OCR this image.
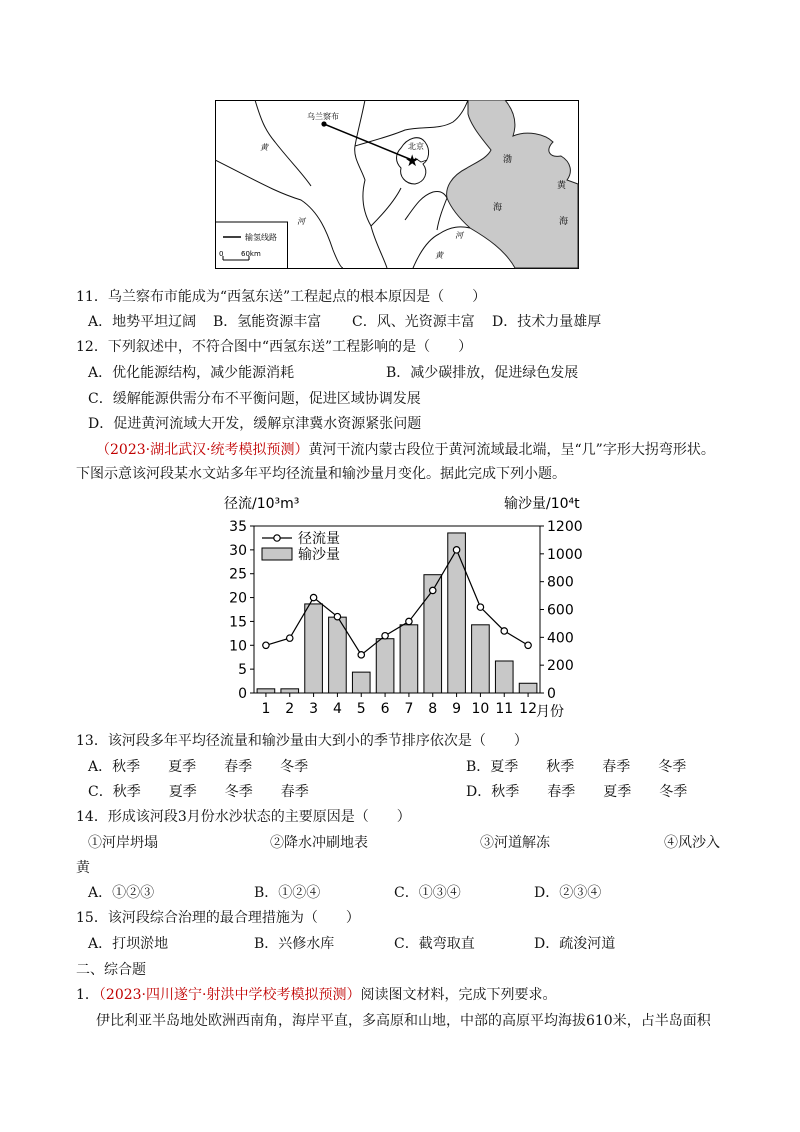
★
乌兰察布
北京
黄
河
河
黄
渤
海
黄
海
输氢线路
0	60km
11．乌兰察布市能成为“西氢东送”工程起点的根本原因是（　　）
A．地势平坦辽阔 B．氢能资源丰富 C．风、光资源丰富 D．技术力量雄厚
12．下列叙述中，不符合图中“西氢东送”工程影响的是（　　）
A．优化能源结构，减少能源消耗	B．减少碳排放，促进绿色发展
C．缓解能源供需分布不平衡问题，促进区域协调发展
D．促进黄河流域大开发，缓解京津冀水资源紧张问题
（2023·湖北武汉·统考模拟预测）黄河干流内蒙古段位于黄河流域最北端，呈“几”字形大拐弯形状。
下图示意该河段某水文站多年平均径流量和输沙量月变化。据此完成下列小题。
径流/10³m³	输沙量/10⁴t
月份
0
5
10
15
20
25
30
35
0
200
400
600
800
1000
1200
1 2 3 4 5 6 7 8 9 10 11 12
径流量
输沙量
13．该河段多年平均径流量和输沙量由大到小的季节排序依次是（　　）
A．秋季　　夏季　　春季　　冬季	B．夏季　　秋季　　春季　　冬季
C．秋季　　夏季　　冬季　　春季	D．秋季　　春季　　夏季　　冬季
14．形成该河段3月份水沙状态的主要原因是（　　）
①河岸坍塌	②降水冲刷地表	③河道解冻	④风沙入
黄
A．①②③	B．①②④	C．①③④	D．②③④
15．该河段综合治理的最合理措施为（　　）
A．打坝淤地	B．兴修水库	C．截弯取直	D．疏浚河道
二、综合题
1．（2023·四川遂宁·射洪中学校考模拟预测）阅读图文材料，完成下列要求。
伊比利亚半岛地处欧洲西南角，海岸平直，多高原和山地，中部的高原平均海拔610米，占半岛面积
